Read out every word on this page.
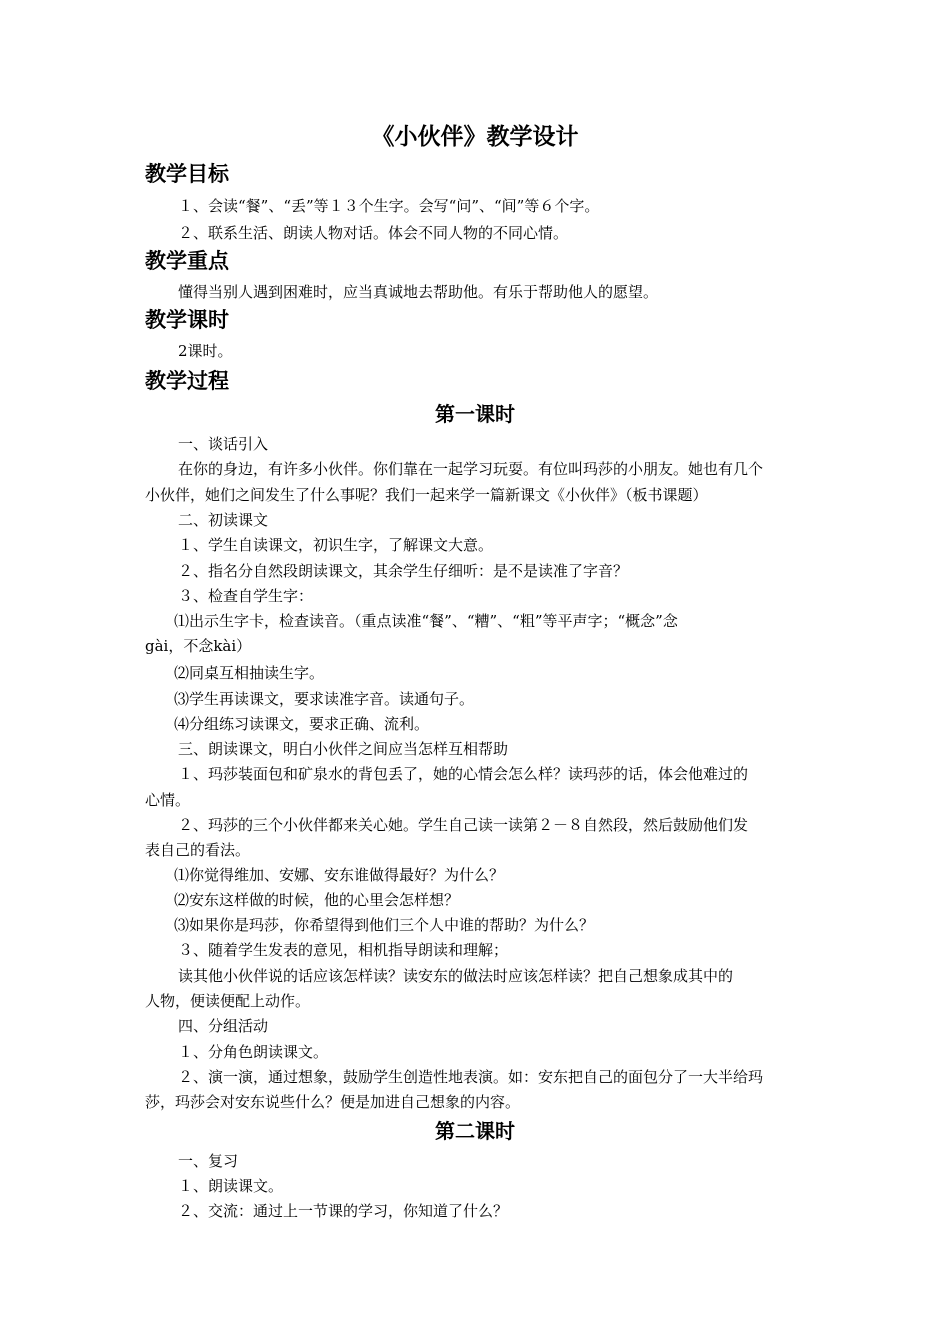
《小伙伴》教学设计
教学目标
１、会读“餐”、“丢”等１３个生字。会写“问”、“间”等６个字。
２、联系生活、朗读人物对话。体会不同人物的不同心情。
教学重点
懂得当别人遇到困难时，应当真诚地去帮助他。有乐于帮助他人的愿望。
教学课时
2课时。
教学过程
第一课时
一、谈话引入
在你的身边，有许多小伙伴。你们靠在一起学习玩耍。有位叫玛莎的小朋友。她也有几个
小伙伴，她们之间发生了什么事呢？我们一起来学一篇新课文《小伙伴》（板书课题）
二、初读课文
１、学生自读课文，初识生字，了解课文大意。
２、指名分自然段朗读课文，其余学生仔细听：是不是读准了字音？
３、检查自学生字：
⑴出示生字卡，检查读音。（重点读准“餐”、“糟”、“粗”等平声字；“概念”念
gài，不念kài）
⑵同桌互相抽读生字。
⑶学生再读课文，要求读准字音。读通句子。
⑷分组练习读课文，要求正确、流利。
三、朗读课文，明白小伙伴之间应当怎样互相帮助
１、玛莎装面包和矿泉水的背包丢了，她的心情会怎么样？读玛莎的话，体会他难过的
心情。
２、玛莎的三个小伙伴都来关心她。学生自己读一读第２－８自然段，然后鼓励他们发
表自己的看法。
⑴你觉得维加、安娜、安东谁做得最好？为什么？
⑵安东这样做的时候，他的心里会怎样想？
⑶如果你是玛莎，你希望得到他们三个人中谁的帮助？为什么？
３、随着学生发表的意见，相机指导朗读和理解；
读其他小伙伴说的话应该怎样读？读安东的做法时应该怎样读？把自己想象成其中的
人物，便读便配上动作。
四、分组活动
１、分角色朗读课文。
２、演一演，通过想象，鼓励学生创造性地表演。如：安东把自己的面包分了一大半给玛
莎，玛莎会对安东说些什么？便是加进自己想象的内容。
第二课时
一、复习
１、朗读课文。
２、交流：通过上一节课的学习，你知道了什么？
